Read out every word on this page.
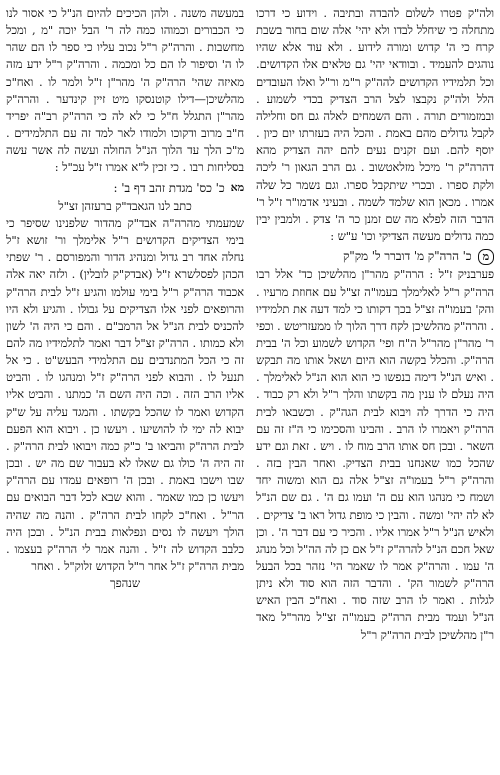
ולה"ק פטרו לשלום להבדה ובתיבה . וידוע כי דרכו מתחלה כי שיחלל לבדו ולא יהי' אלה שום בחור בשבת קרח כי ה' קדוש ומורה לידוע . ולא עוד אלא שהיו נוהגים להעמיד . ובוודאי יהי' גם טלאים אלו הקדושים. וכל תלמידיו הקדושים להה"ק ר"מ ור"ל ואלו העובדים הלל ולה"ק נקבצו לצל הרב הצדיק בכדי לשמוע . ובמזמורים תורה . והם השמחים לאלה גם חס וחלילה לקבל גדולים מהם באמת . והכל היה בעזרתו יום כיון . יוסף להם. ועם זקנים נעים להם יהה הצדיק מהא דהרה"ק ר' מיכל מזלאטשוב . גם הרב הגאון ר' ליכה ולקת ספרו . ובכרי שיתקבל ספרו. וגם נשמר כל שלה אמרו . מכאן הוא שלמד לשמה . ובעיני אדמו"ר ז"ל ר' הדבר הזה לפלא מה שם זמנן כר ה' צדק . ולמבין יבין כמה גדולים מעשה הצדיקי וכו' ע"ש :

מ
כ' הרה"ק מ' דוברר ל' מק"ק

פערבניק ז"ל : הרה"ק מהר"ן מהלשיכן כד' אלל רבו הרה"ק ר"ל לאלימלך בעמו"ה זצ"ל עם אחוזת מרעיו . והק' בעמו"ה זצ"ל בכך דקותו כי למד דעה את תלמידיו . והרה"ק מהלשיכן לקח דרך הלוך לו ממעזריטש . וכפי ר' מהר"ן מהר"ל ה"ח ופי' הקדוש לשמוע וכל ה' בבית הרה"ק. והכלל בקשה הוא היום ושאל אותו מה תבקש . ואיש הנ"ל דימה בנפשו כי הוא הוא הנ"ל לאלימלך . היה נעלם לו ענין מה בקשתו והלך ר"ל ולא רק כבוד . היה כי הדרך לה ויבוא לבית הגה"ק . וכשבאו לבית הרה"ק ויאמרו לו הרב . והבינו והסכימו כי ה"ז זה עם השאר . ובכן חס אותו הרב מוח לו . ויש . זאת וגם ידע שהכל כמו שאנחנו בבית הצדיק. ואחר הבין בזה . והרה"ק ר"ל בעמו"ה זצ"ל אלה גם הוא ומשוה יחד ושמח כי מנהגו הוא עם ה' ועמו גם ה' . גם שם הנ"ל לא לה יהי' ומשה . והבין כי מופת גדול ראו ב' צדיקים . ולאיש הנ"ל ר"ל אמרו אליו . והכיר כי עם דבר ה' . וכן שאל חכם הנ"ל להרה"ק ז"ל אם כן לה הה"ל וכל מנהג ה' עמו . והרה"ק אמר לו שאמר הי' נזהר בכל הבעל הרה"ק לשמור הק' . והדבר הזה הוא סוד ולא ניתן לגלות . ואמר לו הרב שזה סוד . ואח"כ הבין האיש הנ"ל ועמד מבית הרה"ק בעמו"ה זצ"ל מהר"ל מאד ר"ן מהלשיכן לבית הרה"ק ר"ל

במעשה משנה . ולהן הכיכים להיום הנ"ל כי אסור לנו כי הכבורים וכמוהו כמה לה ר' הבל יוכה "מ , ומכל מחשבות . והרה"ק ר"ל נכוב עליו כי ספר לו הם שהר לו ה' וסיפור לו הם כל ומכמה . והרה"ק ר"ל ידע מזה מאיזה שהי' הרה"ק ה' מהר"ן ז"ל ולמר לו . ואח"כ מהלשיכן—דילו קוטנסקו מיט זיין קינדער . והרה"ק מהר"ן התגלל ח"ל כי לא לה כי הרה"ק רב"ה יפריד ח"ב מרוב ודקוכו ולמודו לאר למד זה עם התלמידים . מ"כ הלך עד הלוך הנ"ל החולה ועשה לה אשר עשה בסליחות רבו . כי זכין ל"א אמרו ז"ל עכ"ל :

מא
כ' כס' מגדת זהב דף ב' :

כתב לנו הגאבד"ק ברעזהן זצ"ל

שמעמתי מהרה"ה אבד"ק מהדור שלפנינו שסיפר כי בימי הצדיקים הקדושים ר"ל אלימלך ור' זושא ז"ל נחלה אחד רב גדול ומנהיג הדור והמפורסם . ר' שפתי הכהן לפסלשרא ז"ל (אבדק"ק לובלין) . ולזה יאה אלה אכבוד הרה"ק ר"ל בימי עולמו והגיע ז"ל לבית הרה"ק והרופאים לפני אלו הצדיקים על גבולו . והגיע ולא היו להכניס לבית הנ"ל אל הרמב"ם . והם כי היה ה' לשון ולא כמותו . הרה"ק זצ"ל דבר ואמר לתלמידיו מה להם זה כי הכל המתנדבים עם התלמידי הבעש"ט . כי אל תנעל לו . והבוא לפני הרה"ק ז"ל ומנהגו לו . והביט אליו הרב הזה . וכה היה השם ה' כמתנו . והביט אליו הקדוש ואמר לו שהכל בקשתו . והמגד עליה על ש"ק יבוא לה ימי לו להושיעו . ויעשו כן . ויבוא הוא הפעם לבית הרה"ק והביאו ב' כ"ק כמה ויבואו לבית הרה"ק . זה היה ה' כולו גם שאלו לא בעבור שם מה יש . ובכן שבו וישבו באמת . ובכן ה' רופאים עמדו עם הרה"ק ויעשו כן כמו שאמר . והוא שבא לכל דבר הבואים עם הר"ל . ואח"כ לקחו לבית הרה"ק . והנה מה שהיה הולך ויעשה לו נסים ונפלאות בבית הנ"ל . ובכן היה כלבב הקדוש לה ז"ל . והנה אמר לי הרה"ק בעצמו . מבית הרה"ק ז"ל אחר ר"ל הקדוש זלוק"ל . ואחר

שנהפך
